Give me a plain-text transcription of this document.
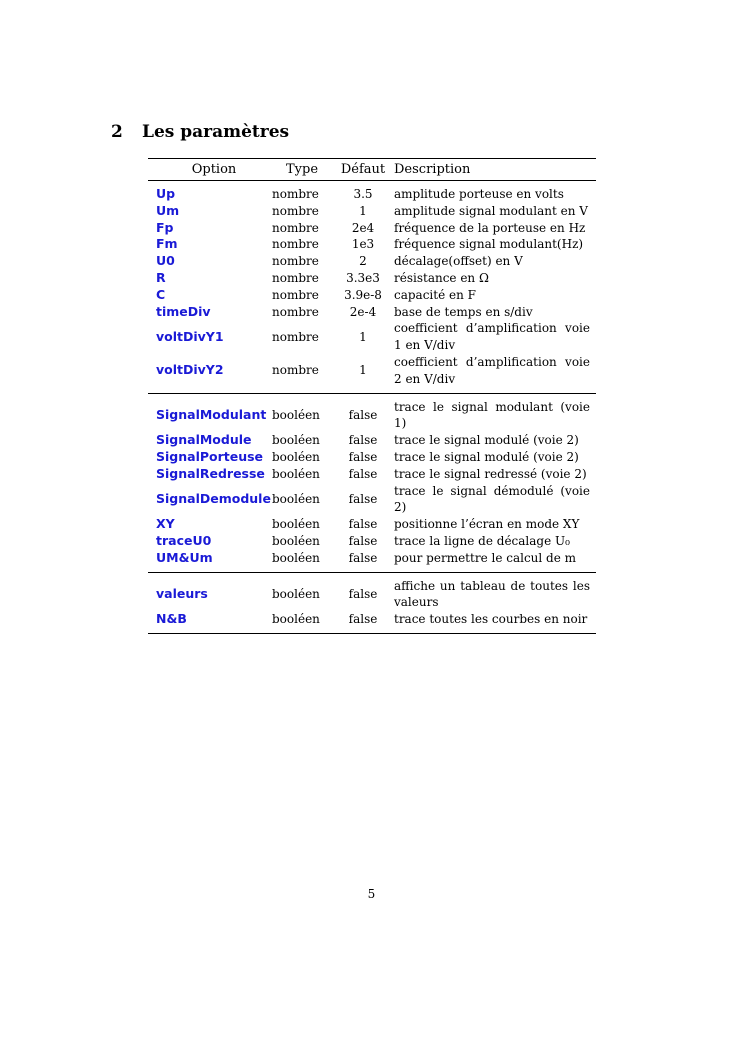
2 Les paramètres
Option	Type	Défaut	Description

Up	nombre	3.5	amplitude porteuse en volts

Um	nombre	1	amplitude signal modulant en V

Fp	nombre	2e4	fréquence de la porteuse en Hz

Fm	nombre	1e3	fréquence signal modulant(Hz)

U0	nombre	2	décalage(offset) en V

R	nombre	3.3e3	résistance en Ω

C	nombre	3.9e-8	capacité en F

timeDiv	nombre	2e-4	base de temps en s/div

voltDivY1	nombre	1	coefficient d’amplification voie 1 en V/div

voltDivY2	nombre	1	coefficient d’amplification voie 2 en V/div

SignalModulant	booléen	false	trace le signal modulant (voie 1)

SignalModule	booléen	false	trace le signal modulé (voie 2)

SignalPorteuse	booléen	false	trace le signal modulé (voie 2)

SignalRedresse	booléen	false	trace le signal redressé (voie 2)

SignalDemodule	booléen	false	trace le signal démodulé (voie 2)

XY	booléen	false	positionne l’écran en mode XY

traceU0	booléen	false	trace la ligne de décalage U₀

UM&Um	booléen	false	pour permettre le calcul de m

valeurs	booléen	false	affiche un tableau de toutes les valeurs

N&B	booléen	false	trace toutes les courbes en noir

5
